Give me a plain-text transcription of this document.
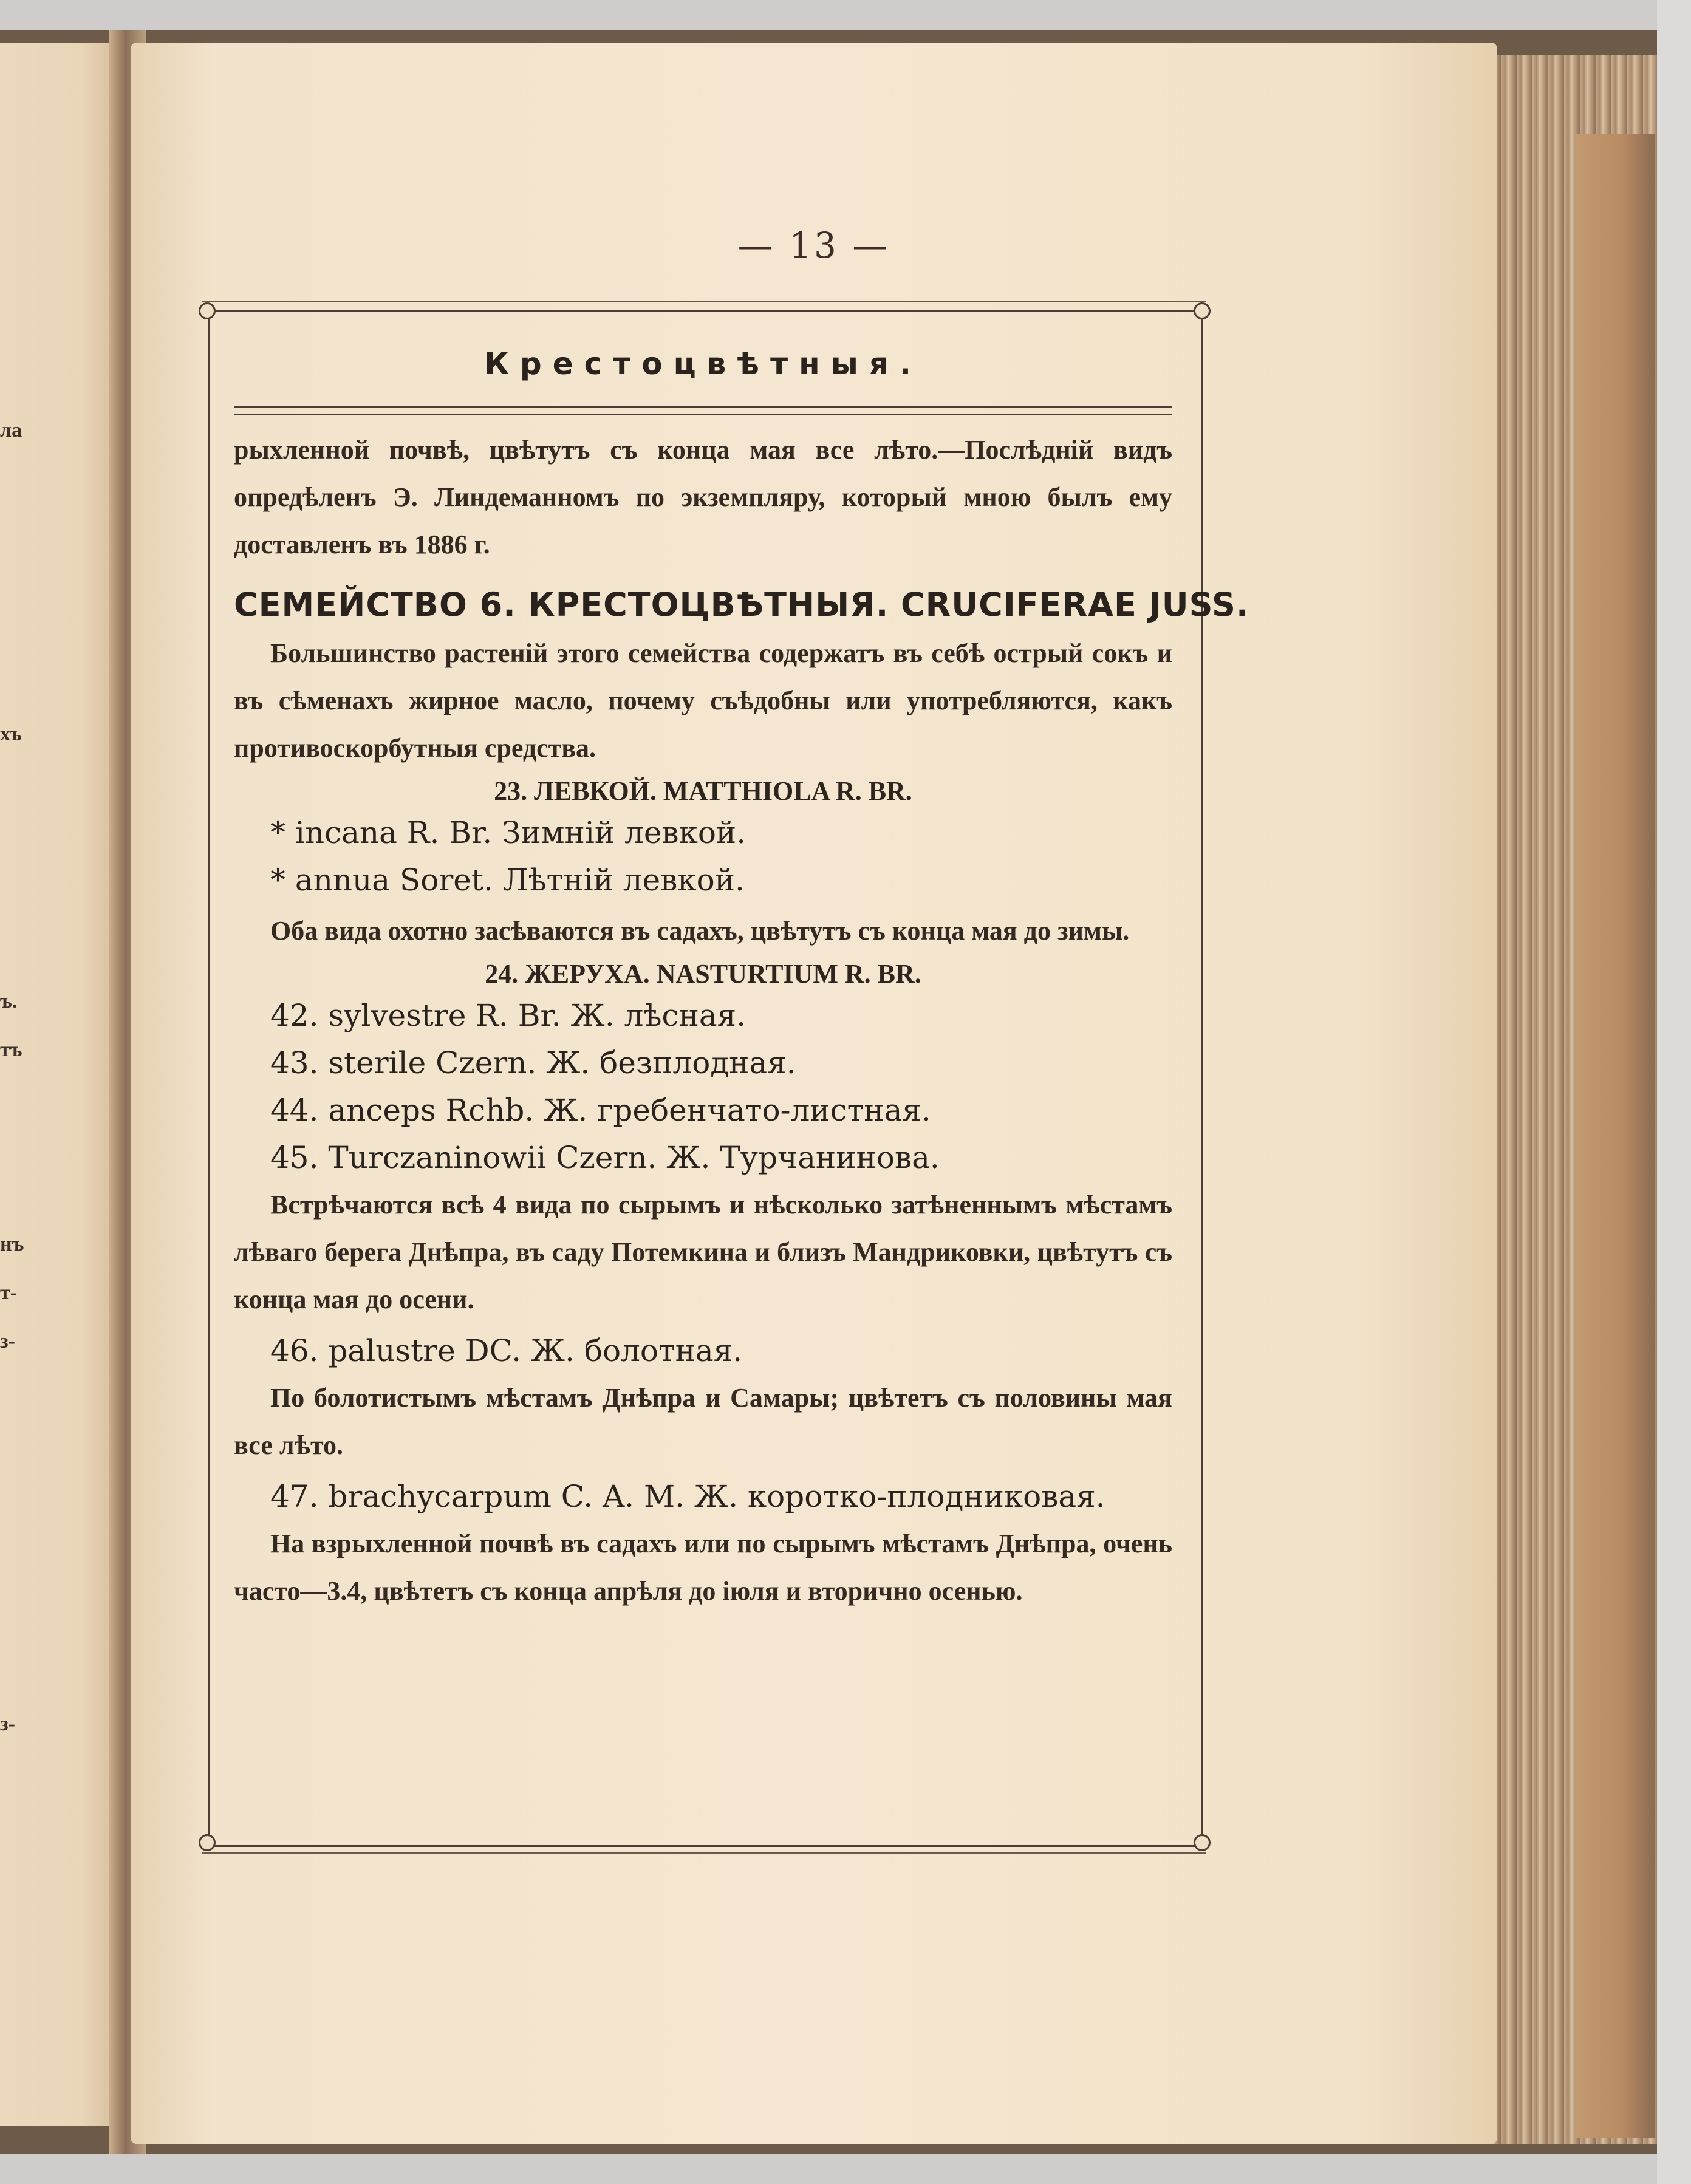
ла
хъ
ъ.
тъ
нъ
т-
з-
з-
— 13 —
Крестоцвѣтныя.

рыхленной почвѣ, цвѣтутъ съ конца мая все лѣто.—Послѣднiй видъ опредѣленъ Э. Линдеманномъ по экземпляру, который мною былъ ему доставленъ въ 1886 г.

СЕМЕЙСТВО 6. КРЕСТОЦВѢТНЫЯ. CRUCIFERAE JUSS.

Большинство растенiй этого семейства содержатъ въ себѣ острый сокъ и въ сѣменахъ жирное масло, почему съѣдобны или употребляются, какъ противоскорбутныя средства.

23. ЛЕВКОЙ. MATTHIOLA R. BR.
* incana R. Br. Зимнiй левкой.
* annua Soret. Лѣтнiй левкой.

Оба вида охотно засѣваются въ садахъ, цвѣтутъ съ конца мая до зимы.

24. ЖЕРУХА. NASTURTIUM R. BR.
42. sylvestre R. Br. Ж. лѣсная.
43. sterile Czern. Ж. безплодная.
44. anceps Rchb. Ж. гребенчато-листная.
45. Turczaninowii Czern. Ж. Турчанинова.

Встрѣчаются всѣ 4 вида по сырымъ и нѣсколько затѣненнымъ мѣстамъ лѣваго берега Днѣпра, въ саду Потемкина и близъ Мандриковки, цвѣтутъ съ конца мая до осени.

46. palustre DC. Ж. болотная.

По болотистымъ мѣстамъ Днѣпра и Самары; цвѣтетъ съ половины мая все лѣто.

47. brachycarpum C. A. M. Ж. коротко-плодниковая.

На взрыхленной почвѣ въ садахъ или по сырымъ мѣстамъ Днѣпра, очень часто—3.4, цвѣтетъ съ конца апрѣля до iюля и вторично осенью.
